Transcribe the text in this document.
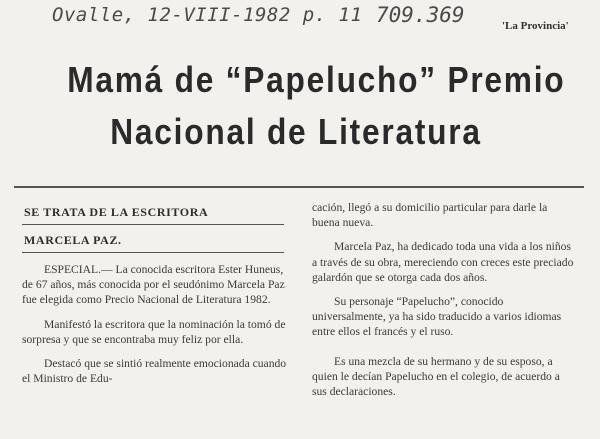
Ovalle, 12-VIII-1982 p. 11 709.369	'La Provincia'
Mamá de “Papelucho” Premio
Nacional de Literatura
SE TRATA DE LA ESCRITORA
MARCELA PAZ.

ESPECIAL.— La conocida escritora Ester Huneus, de 67 años, más conocida por el seudónimo Marcela Paz fue elegida como Precio Nacional de Literatura 1982.

Manifestó la escritora que la nominación la tomó de sorpresa y que se encontraba muy feliz por ella.

Destacó que se sintió realmente emocionada cuando el Ministro de Edu-

cación, llegó a su domicilio particular para darle la buena nueva.

Marcela Paz, ha dedicado toda una vida a los niños a través de su obra, mereciendo con creces este preciado galardón que se otorga cada dos años.

Su personaje “Papelucho”, conocido universalmente, ya ha sido traducido a varios idiomas entre ellos el francés y el ruso.

Es una mezcla de su hermano y de su esposo, a quien le decían Papelucho en el colegio, de acuerdo a sus declaraciones.
